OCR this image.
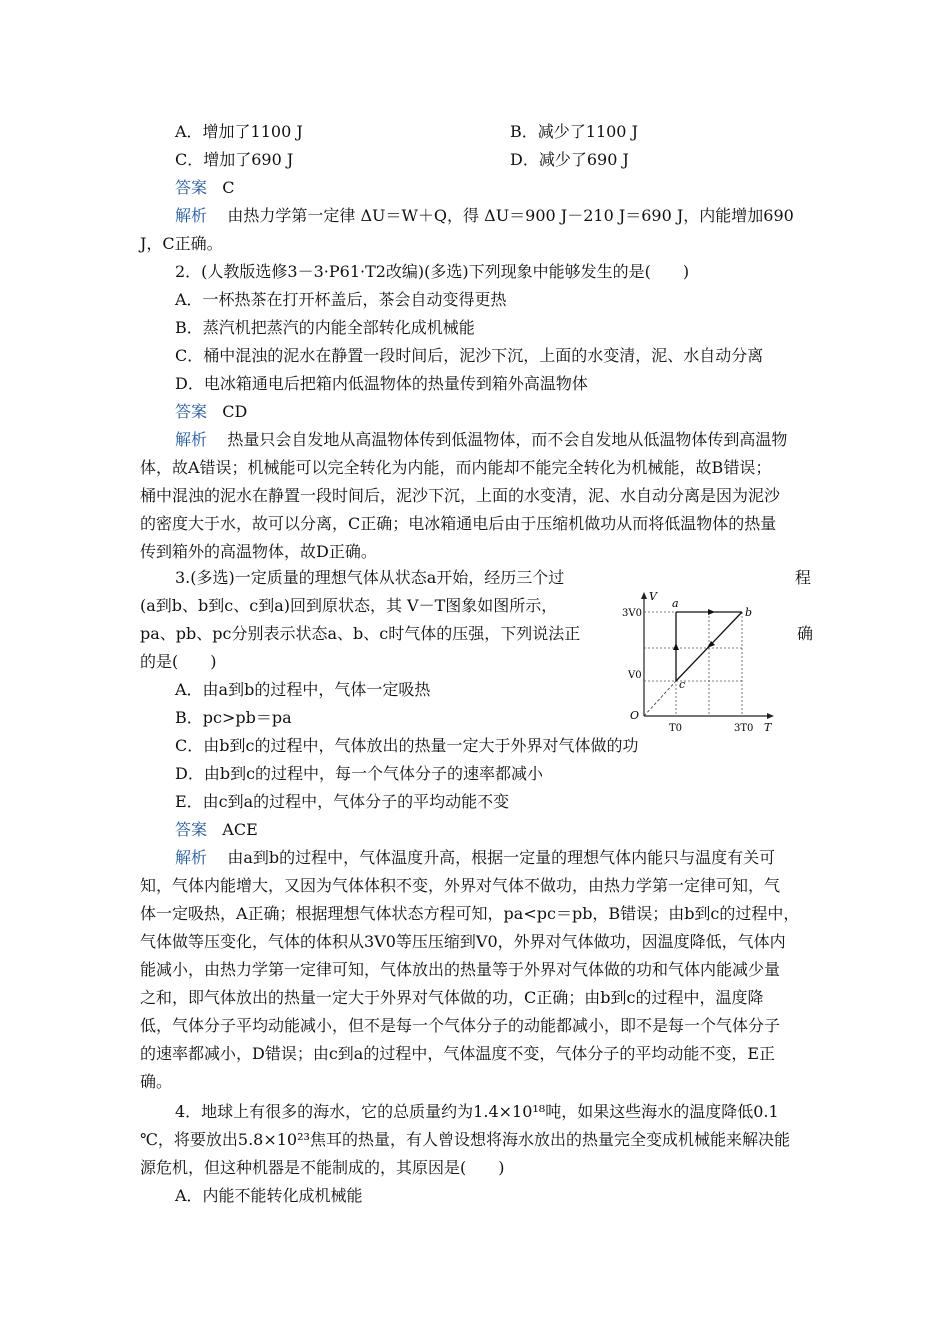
A．增加了1100 J	B．减少了1100 J
C．增加了690 J	D．减少了690 J
答案 C
解析 由热力学第一定律 ΔU＝W＋Q，得 ΔU＝900 J－210 J＝690 J，内能增加690
J，C正确。
2．(人教版选修3－3·P61·T2改编)(多选)下列现象中能够发生的是(　　)
A．一杯热茶在打开杯盖后，茶会自动变得更热
B．蒸汽机把蒸汽的内能全部转化成机械能
C．桶中混浊的泥水在静置一段时间后，泥沙下沉，上面的水变清，泥、水自动分离
D．电冰箱通电后把箱内低温物体的热量传到箱外高温物体
答案 CD
解析 热量只会自发地从高温物体传到低温物体，而不会自发地从低温物体传到高温物
体，故A错误；机械能可以完全转化为内能，而内能却不能完全转化为机械能，故B错误；
桶中混浊的泥水在静置一段时间后，泥沙下沉，上面的水变清，泥、水自动分离是因为泥沙
的密度大于水，故可以分离，C正确；电冰箱通电后由于压缩机做功从而将低温物体的热量
传到箱外的高温物体，故D正确。
3.(多选)一定质量的理想气体从状态a开始，经历三个过	程
(a到b、b到c、c到a)回到原状态，其 V－T图象如图所示，
pa、pb、pc分别表示状态a、b、c时气体的压强，下列说法正	确
的是(　　)
V
T
O
3V0
V0
T0	3T0
a
b
c
A．由a到b的过程中，气体一定吸热
B．pc>pb＝pa
C．由b到c的过程中，气体放出的热量一定大于外界对气体做的功
D．由b到c的过程中，每一个气体分子的速率都减小
E．由c到a的过程中，气体分子的平均动能不变
答案 ACE
解析 由a到b的过程中，气体温度升高，根据一定量的理想气体内能只与温度有关可
知，气体内能增大，又因为气体体积不变，外界对气体不做功，由热力学第一定律可知，气
体一定吸热，A正确；根据理想气体状态方程可知，pa<pc＝pb，B错误；由b到c的过程中，
气体做等压变化，气体的体积从3V0等压压缩到V0，外界对气体做功，因温度降低，气体内
能减小，由热力学第一定律可知，气体放出的热量等于外界对气体做的功和气体内能减少量
之和，即气体放出的热量一定大于外界对气体做的功，C正确；由b到c的过程中，温度降
低，气体分子平均动能减小，但不是每一个气体分子的动能都减小，即不是每一个气体分子
的速率都减小，D错误；由c到a的过程中，气体温度不变，气体分子的平均动能不变，E正
确。
4．地球上有很多的海水，它的总质量约为1.4×10¹⁸吨，如果这些海水的温度降低0.1
℃，将要放出5.8×10²³焦耳的热量，有人曾设想将海水放出的热量完全变成机械能来解决能
源危机，但这种机器是不能制成的，其原因是(　　)
A．内能不能转化成机械能
